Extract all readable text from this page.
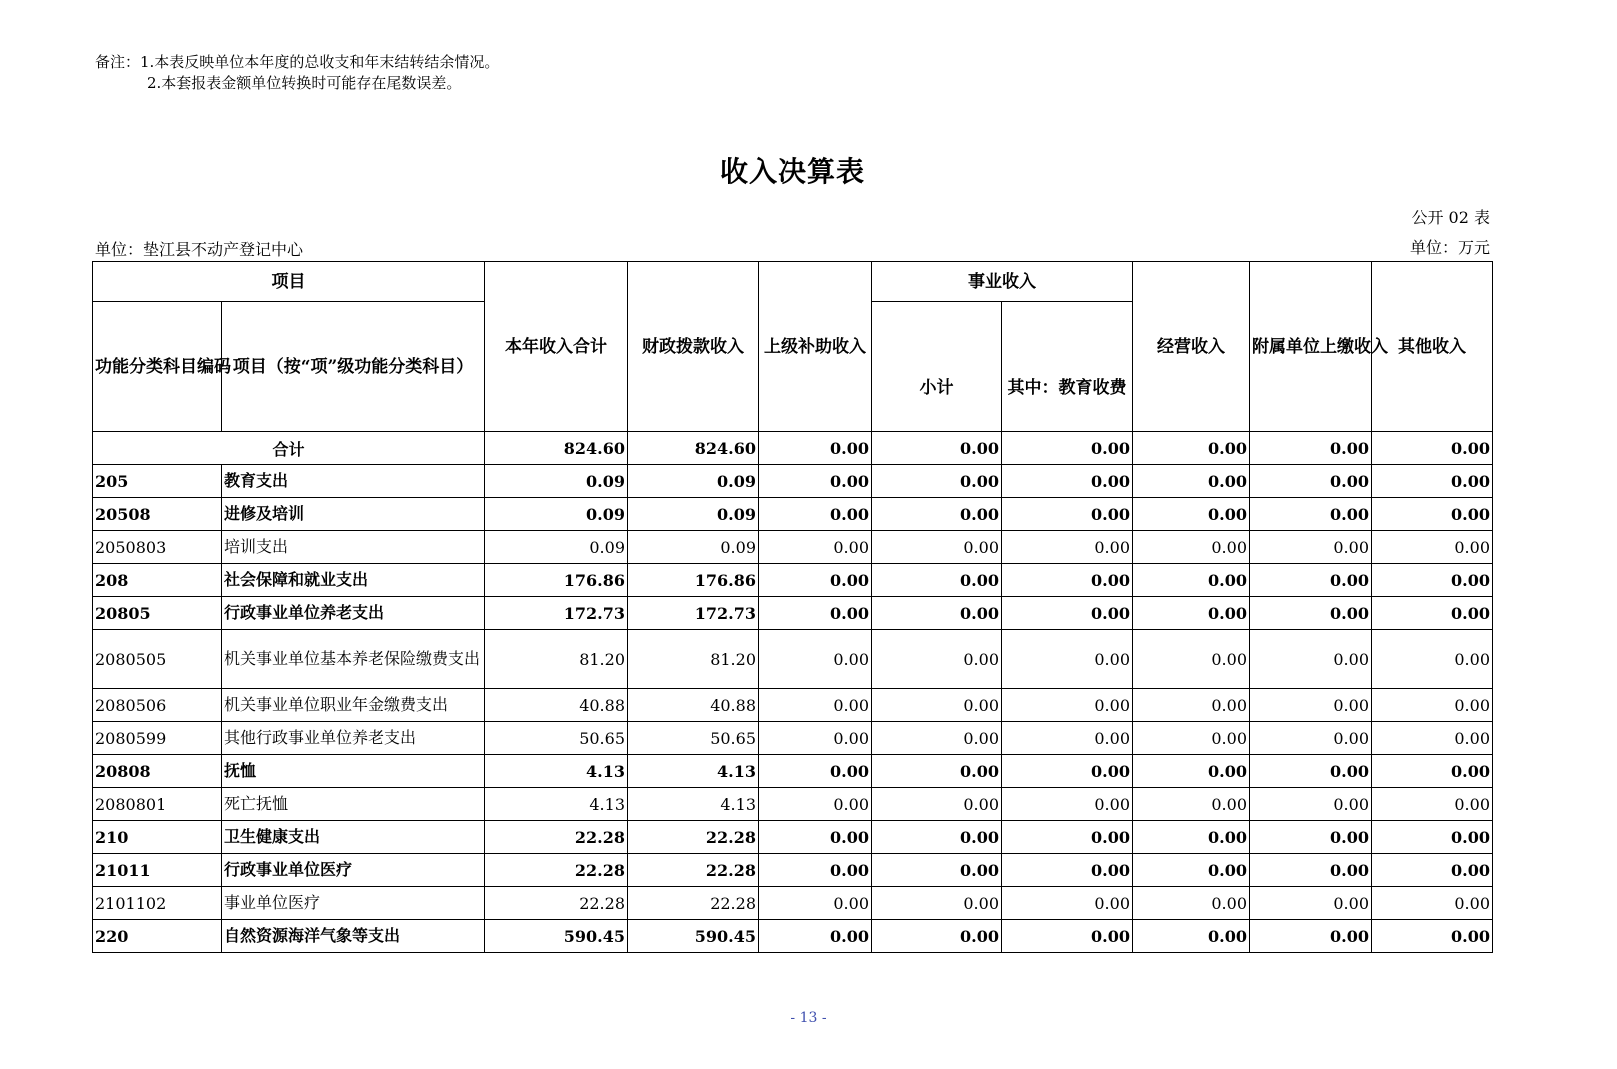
备注：1.本表反映单位本年度的总收支和年末结转结余情况。
2.本套报表金额单位转换时可能存在尾数误差。
收入决算表
公开 02 表
单位：垫江县不动产登记中心	单位：万元
项目		本年收入合计	财政拨款收入	上级补助收入	事业收入		经营收入	附属单位上缴收入	其他收入
功能分类科目编码	项目（按“项”级功能分类科目）				小计	其中：教育收费			
合计		824.60	824.60	0.00	0.00	0.00	0.00	0.00	0.00
205	教育支出	0.09	0.09	0.00	0.00	0.00	0.00	0.00	0.00
20508	进修及培训	0.09	0.09	0.00	0.00	0.00	0.00	0.00	0.00
2050803	培训支出	0.09	0.09	0.00	0.00	0.00	0.00	0.00	0.00
208	社会保障和就业支出	176.86	176.86	0.00	0.00	0.00	0.00	0.00	0.00
20805	行政事业单位养老支出	172.73	172.73	0.00	0.00	0.00	0.00	0.00	0.00
2080505	机关事业单位基本养老保险缴费支出	81.20	81.20	0.00	0.00	0.00	0.00	0.00	0.00
2080506	机关事业单位职业年金缴费支出	40.88	40.88	0.00	0.00	0.00	0.00	0.00	0.00
2080599	其他行政事业单位养老支出	50.65	50.65	0.00	0.00	0.00	0.00	0.00	0.00
20808	抚恤	4.13	4.13	0.00	0.00	0.00	0.00	0.00	0.00
2080801	死亡抚恤	4.13	4.13	0.00	0.00	0.00	0.00	0.00	0.00
210	卫生健康支出	22.28	22.28	0.00	0.00	0.00	0.00	0.00	0.00
21011	行政事业单位医疗	22.28	22.28	0.00	0.00	0.00	0.00	0.00	0.00
2101102	事业单位医疗	22.28	22.28	0.00	0.00	0.00	0.00	0.00	0.00
220	自然资源海洋气象等支出	590.45	590.45	0.00	0.00	0.00	0.00	0.00	0.00
- 13 -
